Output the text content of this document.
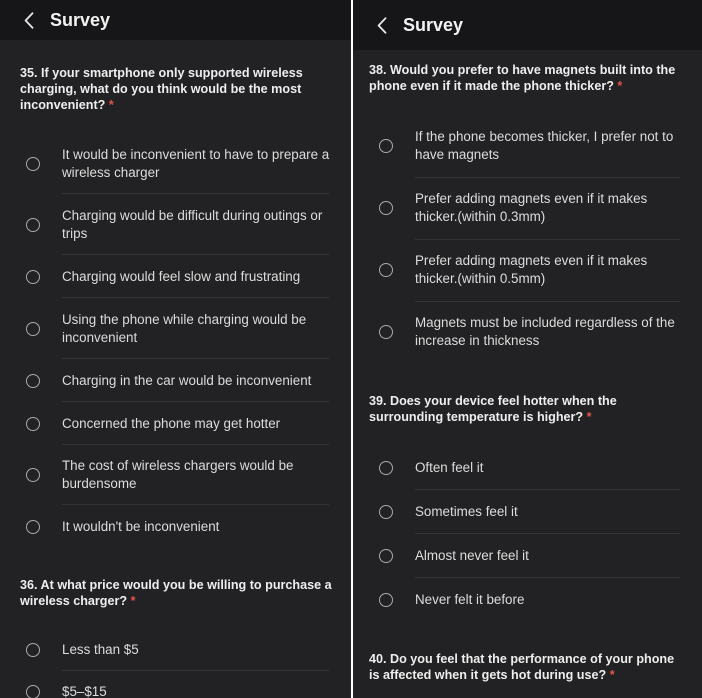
Survey
35. If your smartphone only supported wireless charging, what do you think would be the most inconvenient? *
It would be inconvenient to have to prepare a wireless charger
Charging would be difficult during outings or trips
Charging would feel slow and frustrating
Using the phone while charging would be inconvenient
Charging in the car would be inconvenient
Concerned the phone may get hotter
The cost of wireless chargers would be burdensome
It wouldn't be inconvenient
36. At what price would you be willing to purchase a wireless charger? *
Less than $5
$5–$15
Survey
38. Would you prefer to have magnets built into the phone even if it made the phone thicker? *
If the phone becomes thicker, I prefer not to have magnets
Prefer adding magnets even if it makes thicker.(within 0.3mm)
Prefer adding magnets even if it makes thicker.(within 0.5mm)
Magnets must be included regardless of the increase in thickness
39. Does your device feel hotter when the surrounding temperature is higher? *
Often feel it
Sometimes feel it
Almost never feel it
Never felt it before
40. Do you feel that the performance of your phone is affected when it gets hot during use? *
